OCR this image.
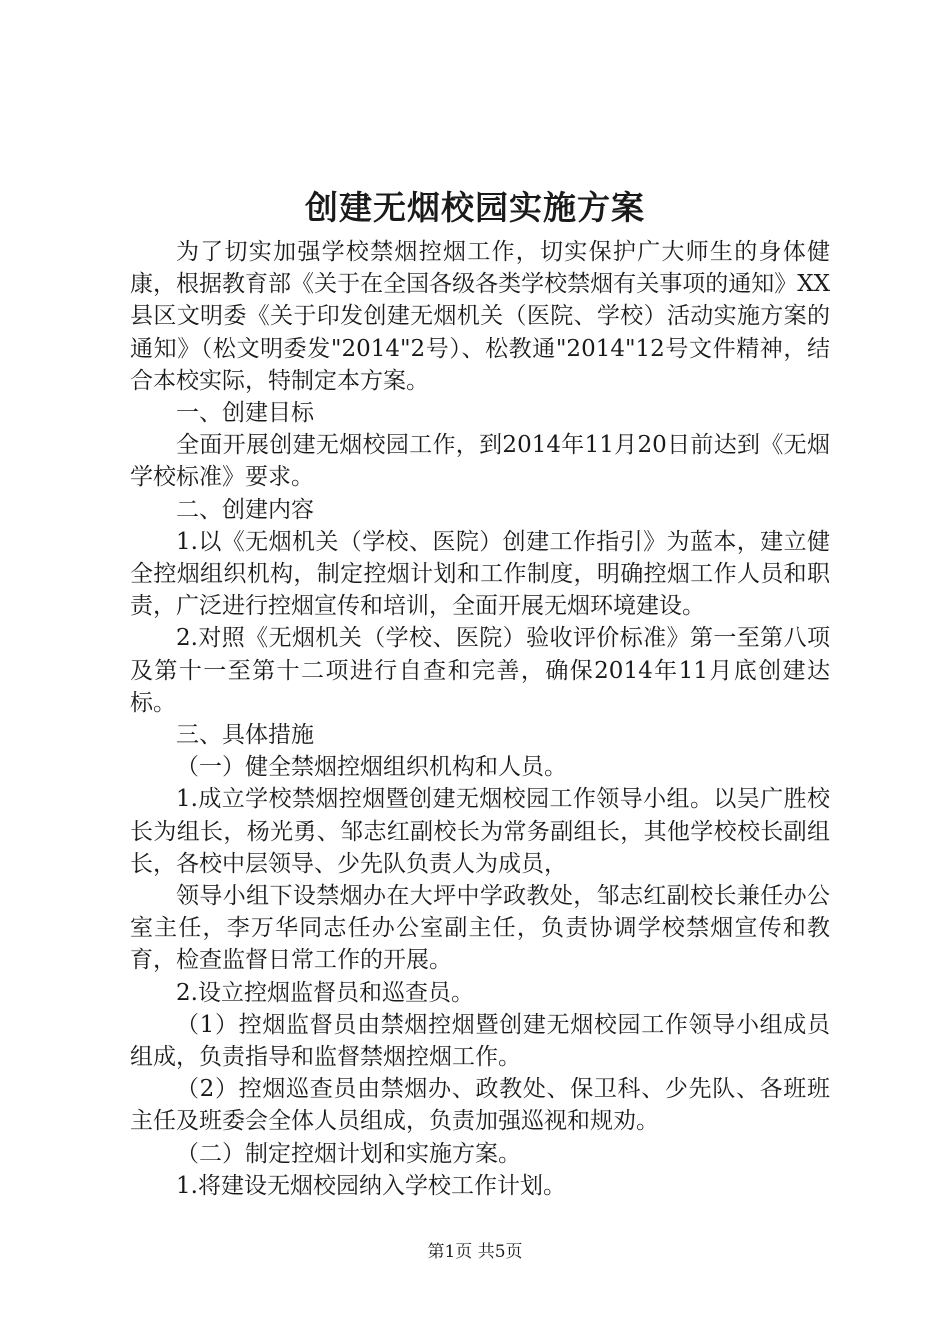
创建无烟校园实施方案

为了切实加强学校禁烟控烟工作，切实保护广大师生的身体健康，根据教育部《关于在全国各级各类学校禁烟有关事项的通知》XX县区文明委《关于印发创建无烟机关（医院、学校）活动实施方案的通知》（松文明委发"2014"2号）、松教通"2014"12号文件精神，结合本校实际，特制定本方案。

一、创建目标

全面开展创建无烟校园工作，到2014年11月20日前达到《无烟学校标准》要求。

二、创建内容

1.以《无烟机关（学校、医院）创建工作指引》为蓝本，建立健全控烟组织机构，制定控烟计划和工作制度，明确控烟工作人员和职责，广泛进行控烟宣传和培训，全面开展无烟环境建设。

2.对照《无烟机关（学校、医院）验收评价标准》第一至第八项及第十一至第十二项进行自查和完善，确保2014年11月底创建达标。

三、具体措施

（一）健全禁烟控烟组织机构和人员。

1.成立学校禁烟控烟暨创建无烟校园工作领导小组。以吴广胜校长为组长，杨光勇、邹志红副校长为常务副组长，其他学校校长副组长，各校中层领导、少先队负责人为成员，

领导小组下设禁烟办在大坪中学政教处，邹志红副校长兼任办公室主任，李万华同志任办公室副主任，负责协调学校禁烟宣传和教育，检查监督日常工作的开展。

2.设立控烟监督员和巡查员。

（1）控烟监督员由禁烟控烟暨创建无烟校园工作领导小组成员组成，负责指导和监督禁烟控烟工作。

（2）控烟巡查员由禁烟办、政教处、保卫科、少先队、各班班主任及班委会全体人员组成，负责加强巡视和规劝。

（二）制定控烟计划和实施方案。

1.将建设无烟校园纳入学校工作计划。

第1页 共5页
